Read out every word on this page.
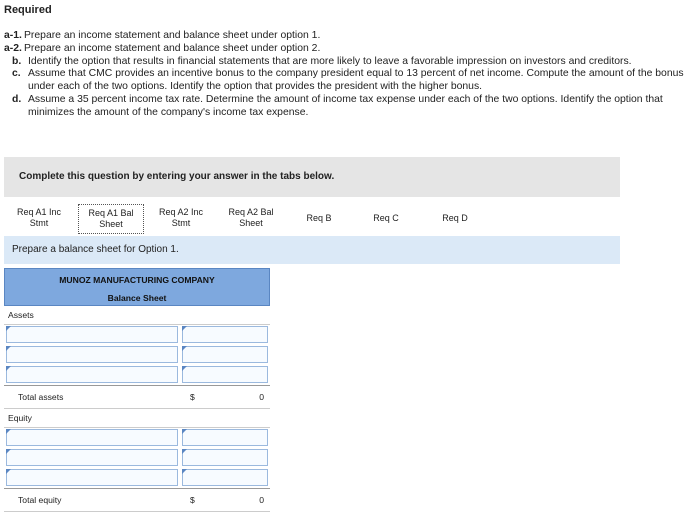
Required
a-1. Prepare an income statement and balance sheet under option 1.
a-2. Prepare an income statement and balance sheet under option 2.
b. Identify the option that results in financial statements that are more likely to leave a favorable impression on investors and creditors.
c. Assume that CMC provides an incentive bonus to the company president equal to 13 percent of net income. Compute the amount of the bonus under each of the two options. Identify the option that provides the president with the higher bonus.
d. Assume a 35 percent income tax rate. Determine the amount of income tax expense under each of the two options. Identify the option that minimizes the amount of the company's income tax expense.
Complete this question by entering your answer in the tabs below.
Req A1 Inc
Stmt
Req A1 Bal
Sheet
Req A2 Inc
Stmt
Req A2 Bal
Sheet
Req B	Req C	Req D
Prepare a balance sheet for Option 1.
MUNOZ MANUFACTURING COMPANY
Balance Sheet
Assets
Total assets	$	0
Equity
Total equity	$	0
